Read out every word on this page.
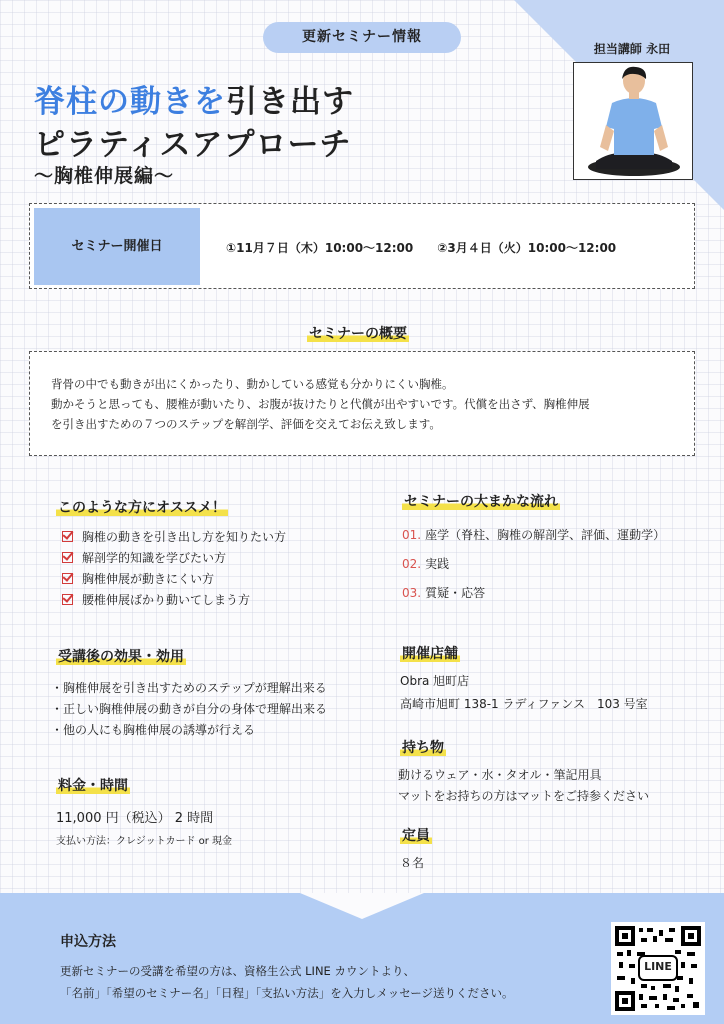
更新セミナー情報
脊柱の動きを引き出す
ピラティスアプローチ
〜胸椎伸展編〜
担当講師 永田
セミナー開催日	①11月７日（木）10:00〜12:00　　②3月４日（火）10:00〜12:00
セミナーの概要

背骨の中でも動きが出にくかったり、動かしている感覚も分かりにくい胸椎。

動かそうと思っても、腰椎が動いたり、お腹が抜けたりと代償が出やすいです。代償を出さず、胸椎伸展

を引き出すための７つのステップを解剖学、評価を交えてお伝え致します。

このような方にオススメ！
胸椎の動きを引き出し方を知りたい方
解剖学的知識を学びたい方
胸椎伸展が動きにくい方
腰椎伸展ばかり動いてしまう方
セミナーの大まかな流れ
01. 座学（脊柱、胸椎の解剖学、評価、運動学）
02. 実践
03. 質疑・応答
受講後の効果・効用
・胸椎伸展を引き出すためのステップが理解出来る
・正しい胸椎伸展の動きが自分の身体で理解出来る
・他の人にも胸椎伸展の誘導が行える
開催店舗
Obra 旭町店
高崎市旭町 138-1 ラディファンス　103 号室
料金・時間
11,000 円（税込） 2 時間
支払い方法：クレジットカード or 現金
持ち物
動けるウェア・水・タオル・筆記用具
マットをお持ちの方はマットをご持参ください
定員
８名
申込方法
更新セミナーの受講を希望の方は、資格生公式 LINE カウントより、
「名前」「希望のセミナー名」「日程」「支払い方法」を入力しメッセージ送りください。
LINE
